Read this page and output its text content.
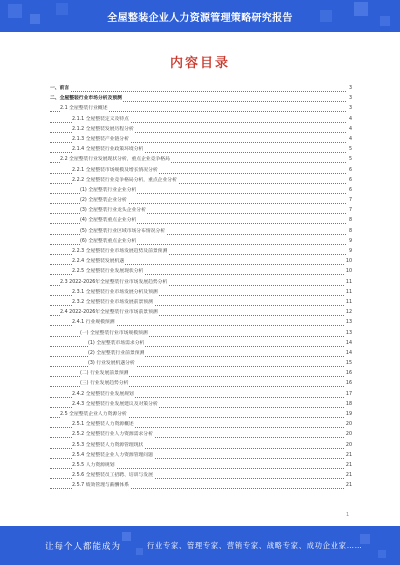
全屋整装企业人力资源管理策略研究报告
内容目录
一、前言	3
二、全屋整装行业市场分析及预测	3
2.1 全屋整装行业概述	3
2.1.1 全屋整装定义及特点	4
2.1.2 全屋整装发展历程分析	4
2.1.3 全屋整装产业链分析	4
2.1.4 全屋整装行业政策环境分析	5
2.2 全屋整装行业发展现状分析，重点企业竞争格局	5
2.2.1 全屋整装市场规模及增长情况分析	6
2.2.2 全屋整装行业竞争格局分析，重点企业分析	6
(1) 全屋整装行业企业分析	6
(2) 全屋整装企业分析	7
(3) 全屋整装行业龙头企业分析	7
(4) 全屋整装重点企业分析	8
(5) 全屋整装行业区域市场分布情况分析	8
(6) 全屋整装重点企业分析	9
2.2.3 全屋整装行业市场发展趋势及前景预测	9
2.2.4 全屋整装发展机遇	10
2.2.5 全屋整装行业发展现状分析	10
2.3 2022-2026年全屋整装行业市场发展趋势分析	11
2.3.1 全屋整装行业市场发展分析及预测	11
2.3.2 全屋整装行业市场发展前景预测	11
2.4 2022-2026年全屋整装行业市场前景预测	12
2.4.1 行业规模预测	13
(一) 全屋整装行业市场规模预测	13
(1) 全屋整装市场需求分析	14
(2) 全屋整装行业前景预测	14
(3) 行业发展机遇分析	15
(二) 行业发展前景预测	16
(三) 行业发展趋势分析	16
2.4.2 全屋整装行业发展规划	17
2.4.3 全屋整装行业发展建议及对策分析	18
2.5 全屋整装企业人力资源分析	19
2.5.1 全屋整装人力资源概述	20
2.5.2 全屋整装行业人力资源需求分析	20
2.5.3 全屋整装人力资源管理现状	20
2.5.4 全屋整装企业人力资源管理问题	21
2.5.5 人力资源规划	21
2.5.6 全屋整装员工招聘、培训与发展	21
2.5.7 绩效管理与薪酬体系	21
1
让每个人都能成为	行业专家、管理专家、营销专家、战略专家、成功企业家……
